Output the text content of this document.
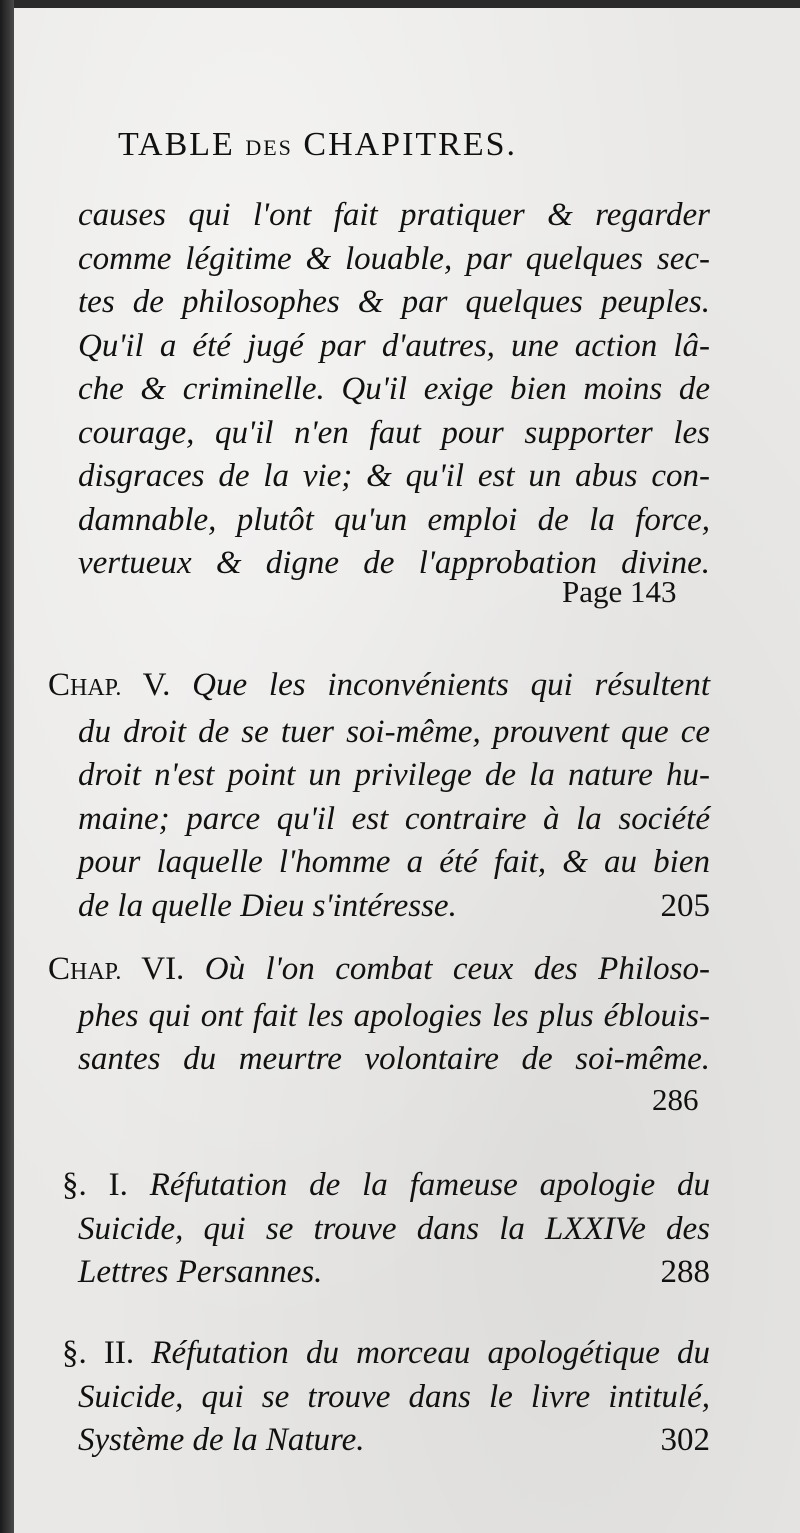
TABLE DES CHAPITRES.
causes qui l'ont fait pratiquer & regarder
comme légitime & louable, par quelques sec-
tes de philosophes & par quelques peuples.
Qu'il a été jugé par d'autres, une action lâ-
che & criminelle. Qu'il exige bien moins de
courage, qu'il n'en faut pour supporter les
disgraces de la vie; & qu'il est un abus con-
damnable, plutôt qu'un emploi de la force,
vertueux & digne de l'approbation divine.
Page 143
CHAP. V. Que les inconvénients qui résultent
du droit de se tuer soi-même, prouvent que ce
droit n'est point un privilege de la nature hu-
maine; parce qu'il est contraire à la société
pour laquelle l'homme a été fait, & au bien
de la quelle Dieu s'intéresse.	205
CHAP. VI. Où l'on combat ceux des Philoso-
phes qui ont fait les apologies les plus éblouis-
santes du meurtre volontaire de soi-même.
286
§. I. Réfutation de la fameuse apologie du
Suicide, qui se trouve dans la LXXIVe des
Lettres Persannes.	288
§. II. Réfutation du morceau apologétique du
Suicide, qui se trouve dans le livre intitulé,
Système de la Nature.	302
